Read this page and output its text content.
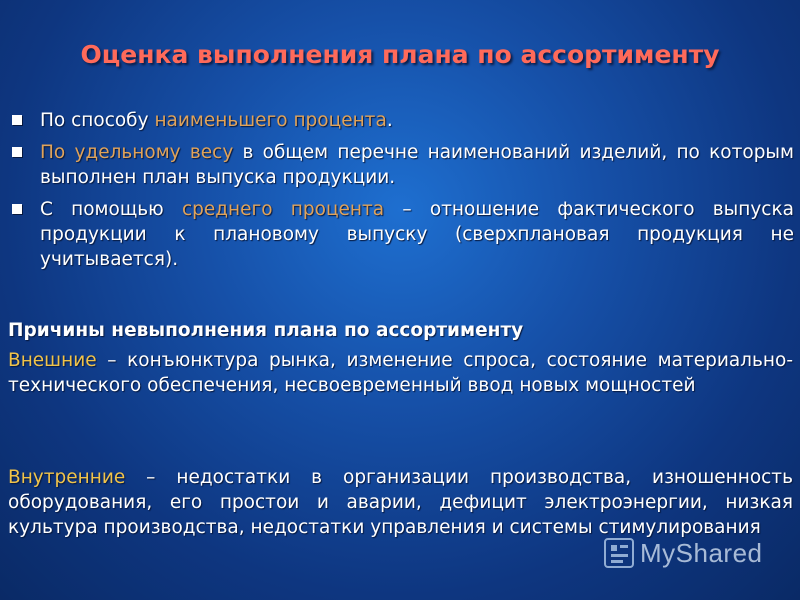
Оценка выполнения плана по ассортименту
По способу наименьшего процента.
По удельному весу в общем перечне наименований изделий, по которым выполнен план выпуска продукции.
С помощью среднего процента – отношение фактического выпуска продукции к плановому выпуску (сверхплановая продукция не учитывается).
Причины невыполнения плана по ассортименту
Внешние – конъюнктура рынка, изменение спроса, состояние материально-технического обеспечения, несвоевременный ввод новых мощностей
Внутренние – недостатки в организации производства, изношенность оборудования, его простои и аварии, дефицит электроэнергии, низкая культура производства, недостатки управления и системы стимулирования
MyShared
